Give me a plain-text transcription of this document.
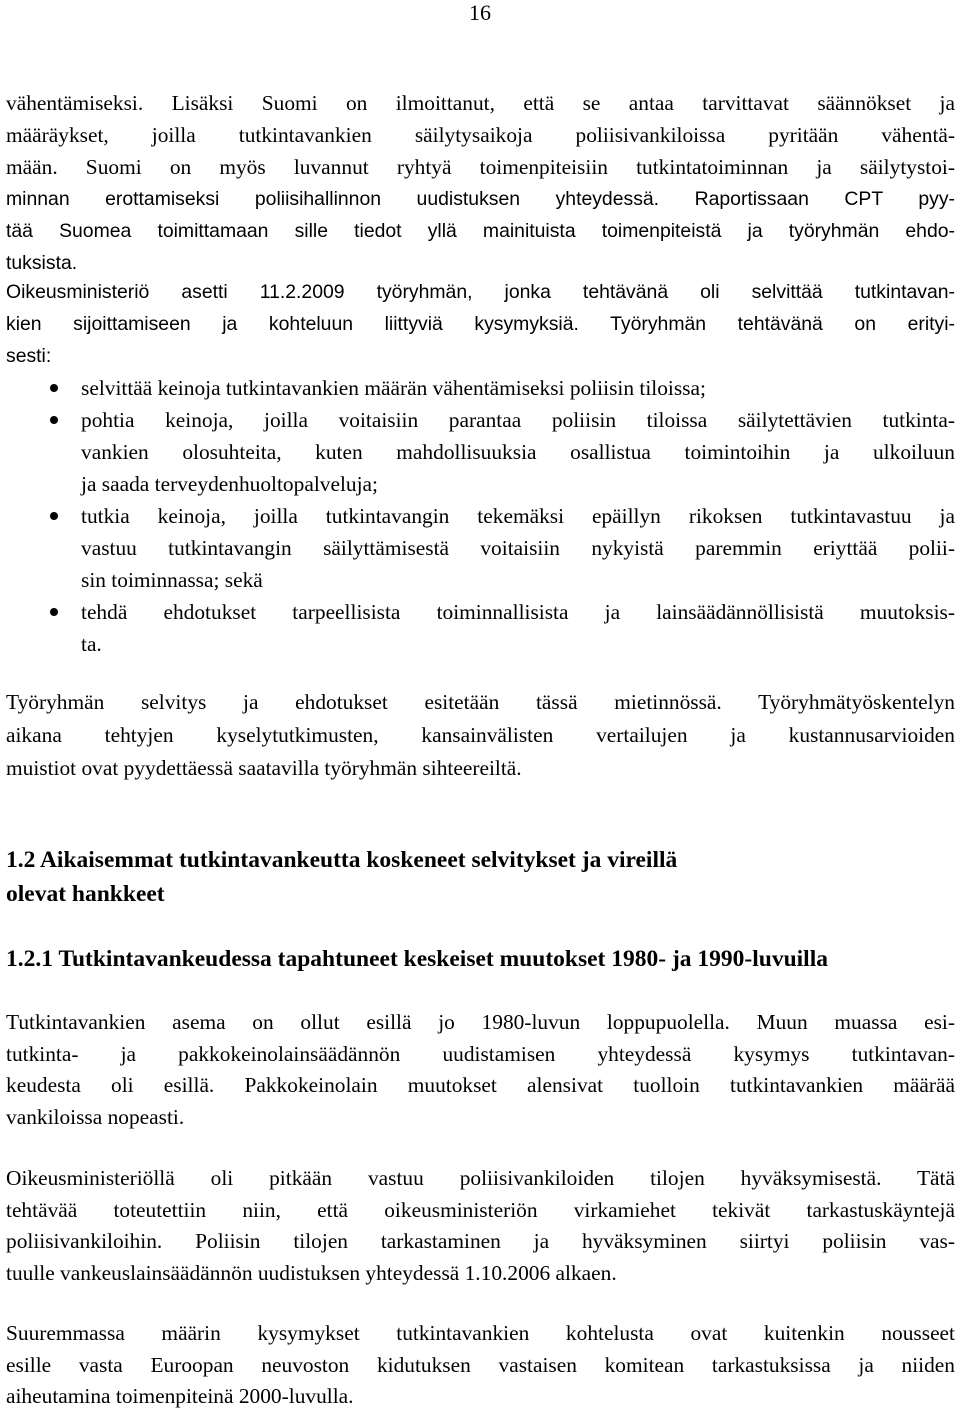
16

vähentämiseksi. Lisäksi Suomi on ilmoittanut, että se antaa tarvittavat säännökset ja
määräykset, joilla tutkintavankien säilytysaikoja poliisivankiloissa pyritään vähentä-
mään. Suomi on myös luvannut ryhtyä toimenpiteisiin tutkintatoiminnan ja säilytystoi-
minnan erottamiseksi poliisihallinnon uudistuksen yhteydessä. Raportissaan CPT pyy-
tää Suomea toimittamaan sille tiedot yllä mainituista toimenpiteistä ja työryhmän ehdo-
tuksista.

Oikeusministeriö asetti 11.2.2009 työryhmän, jonka tehtävänä oli selvittää tutkintavan-
kien sijoittamiseen ja kohteluun liittyviä kysymyksiä. Työryhmän tehtävänä on erityi-
sesti:

selvittää keinoja tutkintavankien määrän vähentämiseksi poliisin tiloissa;
pohtia keinoja, joilla voitaisiin parantaa poliisin tiloissa säilytettävien tutkinta-
vankien olosuhteita, kuten mahdollisuuksia osallistua toimintoihin ja ulkoiluun
ja saada terveydenhuoltopalveluja;
tutkia keinoja, joilla tutkintavangin tekemäksi epäillyn rikoksen tutkintavastuu ja
vastuu tutkintavangin säilyttämisestä voitaisiin nykyistä paremmin eriyttää polii-
sin toiminnassa; sekä
tehdä ehdotukset tarpeellisista toiminnallisista ja lainsäädännöllisistä muutoksis-
ta.

Työryhmän selvitys ja ehdotukset esitetään tässä mietinnössä. Työryhmätyöskentelyn
aikana tehtyjen kyselytutkimusten, kansainvälisten vertailujen ja kustannusarvioiden
muistiot ovat pyydettäessä saatavilla työryhmän sihteereiltä.

1.2 Aikaisemmat tutkintavankeutta koskeneet selvitykset ja vireillä
olevat hankkeet
1.2.1 Tutkintavankeudessa tapahtuneet keskeiset muutokset 1980- ja 1990-luvuilla

Tutkintavankien asema on ollut esillä jo 1980-luvun loppupuolella. Muun muassa esi-
tutkinta- ja pakkokeinolainsäädännön uudistamisen yhteydessä kysymys tutkintavan-
keudesta oli esillä. Pakkokeinolain muutokset alensivat tuolloin tutkintavankien määrää
vankiloissa nopeasti.

Oikeusministeriöllä oli pitkään vastuu poliisivankiloiden tilojen hyväksymisestä. Tätä
tehtävää toteutettiin niin, että oikeusministeriön virkamiehet tekivät tarkastuskäyntejä
poliisivankiloihin. Poliisin tilojen tarkastaminen ja hyväksyminen siirtyi poliisin vas-
tuulle vankeuslainsäädännön uudistuksen yhteydessä 1.10.2006 alkaen.

Suuremmassa määrin kysymykset tutkintavankien kohtelusta ovat kuitenkin nousseet
esille vasta Euroopan neuvoston kidutuksen vastaisen komitean tarkastuksissa ja niiden
aiheutamina toimenpiteinä 2000-luvulla.
